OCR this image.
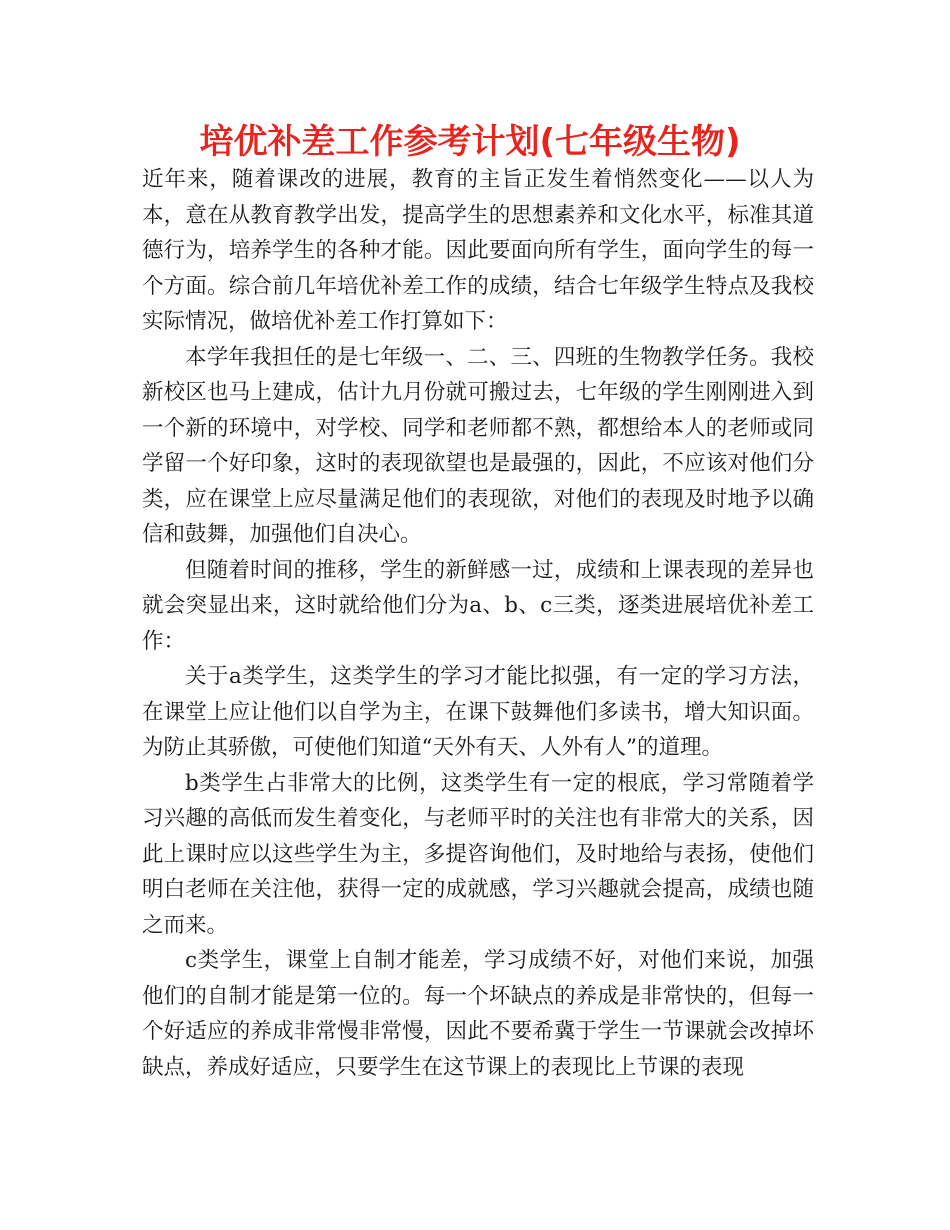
培优补差工作参考计划(七年级生物)

近年来，随着课改的进展，教育的主旨正发生着悄然变化——以人为本，意在从教育教学出发，提高学生的思想素养和文化水平，标准其道德行为，培养学生的各种才能。因此要面向所有学生，面向学生的每一个方面。综合前几年培优补差工作的成绩，结合七年级学生特点及我校实际情况，做培优补差工作打算如下：

本学年我担任的是七年级一、二、三、四班的生物教学任务。我校新校区也马上建成，估计九月份就可搬过去，七年级的学生刚刚进入到一个新的环境中，对学校、同学和老师都不熟，都想给本人的老师或同学留一个好印象，这时的表现欲望也是最强的，因此，不应该对他们分类，应在课堂上应尽量满足他们的表现欲，对他们的表现及时地予以确信和鼓舞，加强他们自决心。

但随着时间的推移，学生的新鲜感一过，成绩和上课表现的差异也就会突显出来，这时就给他们分为a、b、c三类，逐类进展培优补差工作：

关于a类学生，这类学生的学习才能比拟强，有一定的学习方法，在课堂上应让他们以自学为主，在课下鼓舞他们多读书，增大知识面。为防止其骄傲，可使他们知道“天外有天、人外有人”的道理。

b类学生占非常大的比例，这类学生有一定的根底，学习常随着学习兴趣的高低而发生着变化，与老师平时的关注也有非常大的关系，因此上课时应以这些学生为主，多提咨询他们，及时地给与表扬，使他们明白老师在关注他，获得一定的成就感，学习兴趣就会提高，成绩也随之而来。

c类学生，课堂上自制才能差，学习成绩不好，对他们来说，加强他们的自制才能是第一位的。每一个坏缺点的养成是非常快的，但每一个好适应的养成非常慢非常慢，因此不要希冀于学生一节课就会改掉坏缺点，养成好适应，只要学生在这节课上的表现比上节课的表现
